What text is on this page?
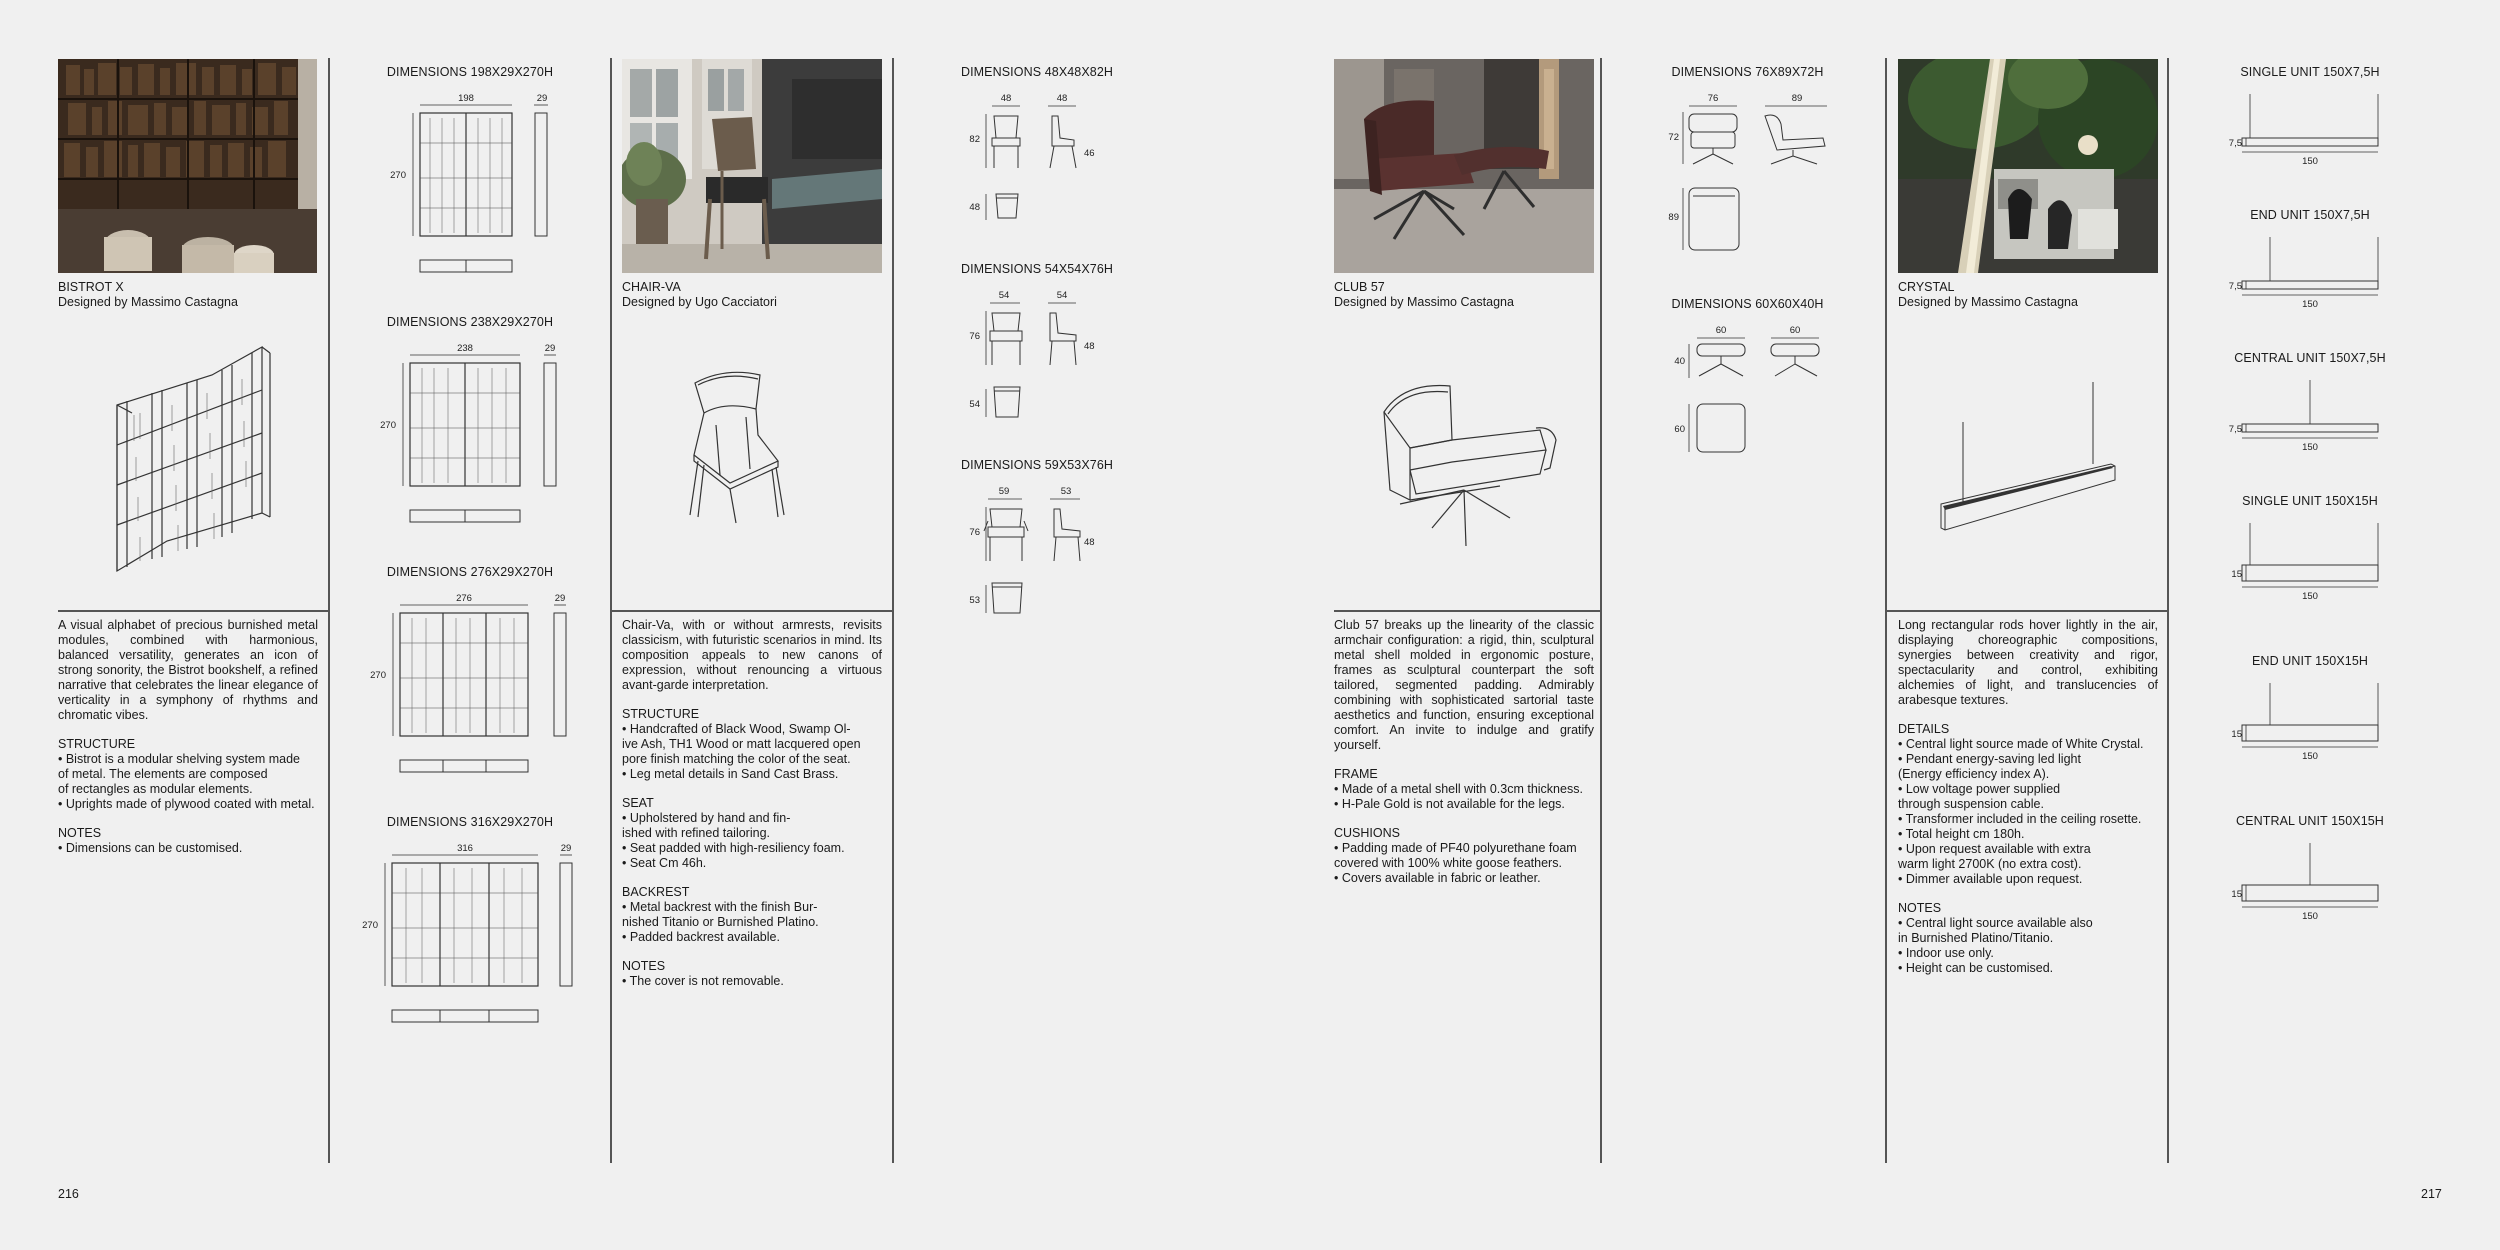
BISTROT X

Designed by Massimo Castagna

A visual alphabet of precious burnished metal modules, combined with harmonious, balanced versatility, generates an icon of strong sonority, the Bistrot bookshelf, a refined narrative that celebrates the linear elegance of verticality in a symphony of rhythms and chromatic vibes.

STRUCTURE

• Bistrot is a modular shelving system made

of metal. The elements are composed

of rectangles as modular elements.

• Uprights made of plywood coated with metal.

NOTES

• Dimensions can be customised.

DIMENSIONS 198X29X270H
198	29
270
DIMENSIONS 238X29X270H
238	29
270
DIMENSIONS 276X29X270H
276	29
270
DIMENSIONS 316X29X270H
316	29
270

CHAIR-VA

Designed by Ugo Cacciatori

Chair-Va, with or without armrests, revisits classicism, with futuristic scenarios in mind. Its composition appeals to new canons of expression, without renouncing a virtuous avant-garde interpretation.

STRUCTURE

• Handcrafted of Black Wood, Swamp Ol-

ive Ash, TH1 Wood or matt lacquered open

pore finish matching the color of the seat.

• Leg metal details in Sand Cast Brass.

SEAT

• Upholstered by hand and fin-

ished with refined tailoring.

• Seat padded with high-resiliency foam.

• Seat Cm 46h.

BACKREST

• Metal backrest with the finish Bur-

nished Titanio or Burnished Platino.

• Padded backrest available.

NOTES

• The cover is not removable.

DIMENSIONS 48X48X82H
48	48
82
46
48
DIMENSIONS 54X54X76H
54	54
76
48
54
DIMENSIONS 59X53X76H
59	53
76
48
53

CLUB 57

Designed by Massimo Castagna

Club 57 breaks up the linearity of the classic armchair configuration: a rigid, thin, sculptural metal shell molded in ergonomic posture, frames as sculptural counterpart the soft tailored, segmented padding. Admirably combining with sophisticated sartorial taste aesthetics and function, ensuring exceptional comfort. An invite to indulge and gratify yourself.

FRAME

• Made of a metal shell with 0.3cm thickness.

• H-Pale Gold is not available for the legs.

CUSHIONS

• Padding made of PF40 polyurethane foam

covered with 100% white goose feathers.

• Covers available in fabric or leather.

DIMENSIONS 76X89X72H
76	89
72
89
DIMENSIONS 60X60X40H
60	60
40
60

CRYSTAL

Designed by Massimo Castagna

Long rectangular rods hover lightly in the air, displaying choreographic compositions, synergies between creativity and rigor, spectacularity and control, exhibiting alchemies of light, and translucencies of arabesque textures.

DETAILS

• Central light source made of White Crystal.

• Pendant energy-saving led light

(Energy efficiency index A).

• Low voltage power supplied

through suspension cable.

• Transformer included in the ceiling rosette.

• Total height cm 180h.

• Upon request available with extra

warm light 2700K (no extra cost).

• Dimmer available upon request.

NOTES

• Central light source available also

in Burnished Platino/Titanio.

• Indoor use only.

• Height can be customised.

SINGLE UNIT 150X7,5H
7,5
150
END UNIT 150X7,5H
7,5
150
CENTRAL UNIT 150X7,5H
7,5
150
SINGLE UNIT 150X15H
15
150
END UNIT 150X15H
15
150
CENTRAL UNIT 150X15H
15
150
216	217
